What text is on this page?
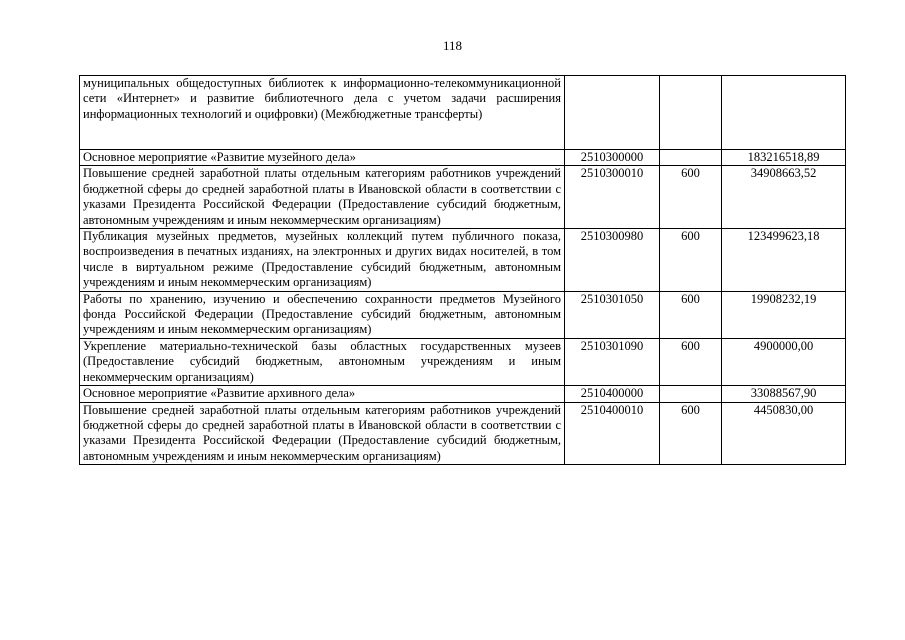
118
муниципальных общедоступных библиотек к информационно-телекоммуникационной сети «Интернет» и развитие библиотечного дела с учетом задачи расширения информационных технологий и оцифровки) (Межбюджетные трансферты)			
Основное мероприятие «Развитие музейного дела»	2510300000		183216518,89
Повышение средней заработной платы отдельным категориям работников учреждений бюджетной сферы до средней заработной платы в Ивановской области в соответствии с указами Президента Российской Федерации (Предоставление субсидий бюджетным, автономным учреждениям и иным некоммерческим организациям)	2510300010	600	34908663,52
Публикация музейных предметов, музейных коллекций путем публичного показа, воспроизведения в печатных изданиях, на электронных и других видах носителей, в том числе в виртуальном режиме (Предоставление субсидий бюджетным, автономным учреждениям и иным некоммерческим организациям)	2510300980	600	123499623,18
Работы по хранению, изучению и обеспечению сохранности предметов Музейного фонда Российской Федерации (Предоставление субсидий бюджетным, автономным учреждениям и иным некоммерческим организациям)	2510301050	600	19908232,19
Укрепление материально-технической базы областных государственных музеев (Предоставление субсидий бюджетным, автономным учреждениям и иным некоммерческим организациям)	2510301090	600	4900000,00
Основное мероприятие «Развитие архивного дела»	2510400000		33088567,90
Повышение средней заработной платы отдельным категориям работников учреждений бюджетной сферы до средней заработной платы в Ивановской области в соответствии с указами Президента Российской Федерации (Предоставление субсидий бюджетным, автономным учреждениям и иным некоммерческим организациям)	2510400010	600	4450830,00
